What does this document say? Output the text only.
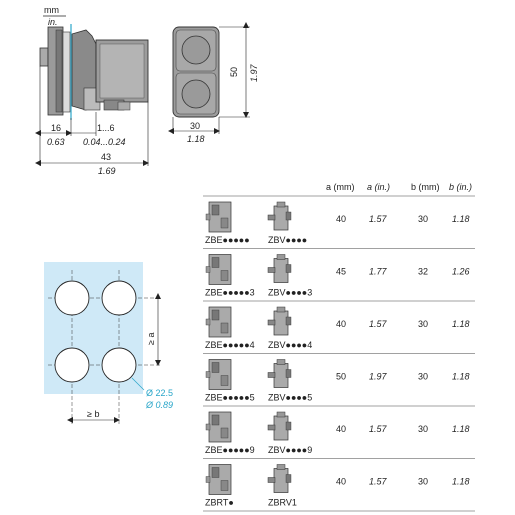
mm
in.
16
0.63
1...6
0.04...0.24
43
1.69
50 1.97
30
1.18
≥ a
≥ b
Ø 22.5
Ø 0.89
a (mm) a (in.) b (mm) b (in.)
ZBE●●●●● ZBV●●●●
40	1.57	30	1.18
ZBE●●●●●3 ZBV●●●●3
45	1.77	32	1.26
ZBE●●●●●4 ZBV●●●●4
40	1.57	30	1.18
ZBE●●●●●5 ZBV●●●●5
50	1.97	30	1.18
ZBE●●●●●9 ZBV●●●●9
40	1.57	30	1.18
ZBRT●	ZBRV1
40	1.57	30	1.18
